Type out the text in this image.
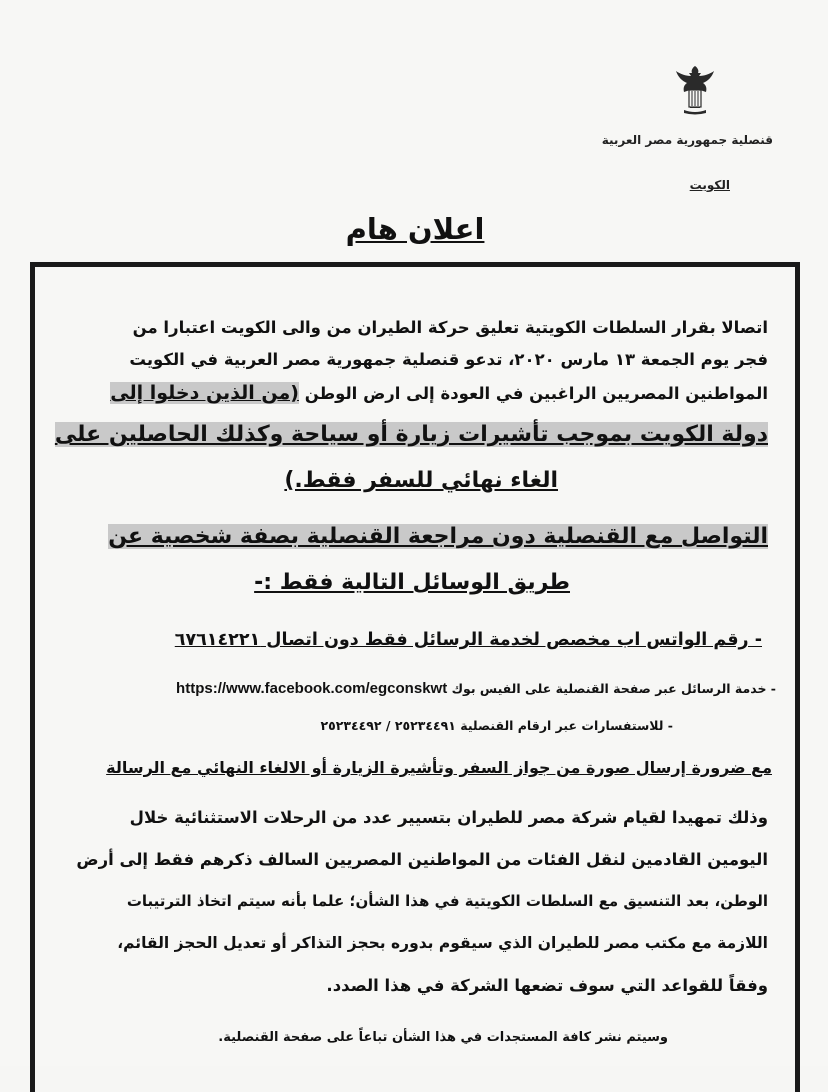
قنصلية جمهورية مصر العربية
الكويت
اعلان هام
اتصالا بقرار السلطات الكويتية تعليق حركة الطيران من والى الكويت اعتبارا من
فجر يوم الجمعة ١٣ مارس ٢٠٢٠، تدعو قنصلية جمهورية مصر العربية في الكويت
المواطنين المصريين الراغبين في العودة إلى ارض الوطن (من الذين دخلوا إلى
دولة الكويت بموجب تأشيرات زيارة أو سياحة وكذلك الحاصلين على
الغاء نهائي للسفر فقط.)
التواصل مع القنصلية دون مراجعة القنصلية بصفة شخصية عن
طريق الوسائل التالية فقط :-
- رقم الواتس اب مخصص لخدمة الرسائل فقط دون اتصال ٦٧٦١٤٢٢١
- خدمة الرسائل عبر صفحة القنصلية على الفيس بوك https://www.facebook.com/egconskwt
- للاستفسارات عبر ارقام القنصلية ٢٥٢٣٤٤٩١ / ٢٥٢٣٤٤٩٢
مع ضرورة إرسال صورة من جواز السفر وتأشيرة الزيارة أو الالغاء النهائي مع الرسالة
وذلك تمهيدا لقيام شركة مصر للطيران بتسيير عدد من الرحلات الاستثنائية خلال
اليومين القادمين لنقل الفئات من المواطنين المصريين السالف ذكرهم فقط إلى أرض
الوطن، بعد التنسيق مع السلطات الكويتية في هذا الشأن؛ علما بأنه سيتم اتخاذ الترتيبات
اللازمة مع مكتب مصر للطيران الذي سيقوم بدوره بحجز التذاكر أو تعديل الحجز القائم،
وفقاً للقواعد التي سوف تضعها الشركة في هذا الصدد.
وسيتم نشر كافة المستجدات في هذا الشأن تباعاً على صفحة القنصلية.
